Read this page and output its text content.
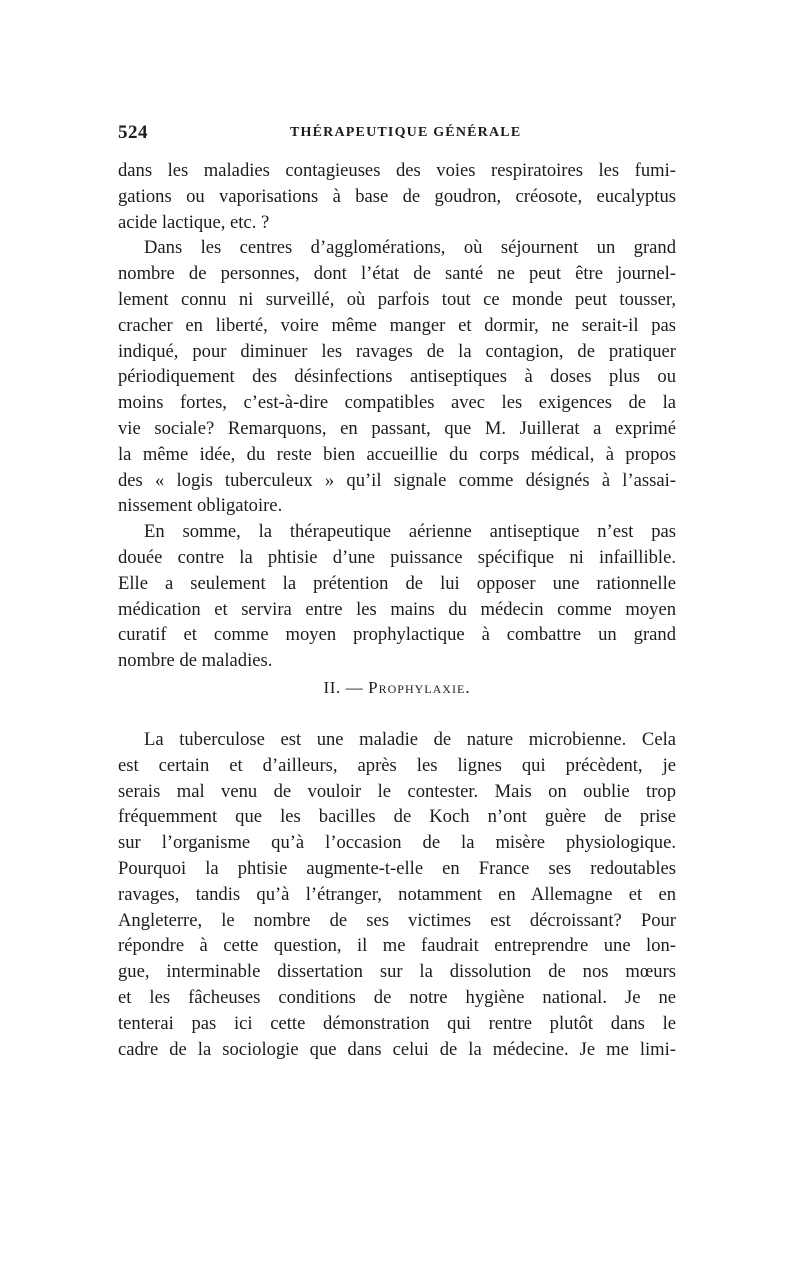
524	THÉRAPEUTIQUE GÉNÉRALE
dans les maladies contagieuses des voies respiratoires les fumi-
gations ou vaporisations à base de goudron, créosote, eucalyptus
acide lactique, etc. ?
Dans les centres d’agglomérations, où séjournent un grand
nombre de personnes, dont l’état de santé ne peut être journel-
lement connu ni surveillé, où parfois tout ce monde peut tousser,
cracher en liberté, voire même manger et dormir, ne serait-il pas
indiqué, pour diminuer les ravages de la contagion, de pratiquer
périodiquement des désinfections antiseptiques à doses plus ou
moins fortes, c’est-à-dire compatibles avec les exigences de la
vie sociale? Remarquons, en passant, que M. Juillerat a exprimé
la même idée, du reste bien accueillie du corps médical, à propos
des « logis tuberculeux » qu’il signale comme désignés à l’assai-
nissement obligatoire.
En somme, la thérapeutique aérienne antiseptique n’est pas
douée contre la phtisie d’une puissance spécifique ni infaillible.
Elle a seulement la prétention de lui opposer une rationnelle
médication et servira entre les mains du médecin comme moyen
curatif et comme moyen prophylactique à combattre un grand
nombre de maladies.
II. — Prophylaxie.
La tuberculose est une maladie de nature microbienne. Cela
est certain et d’ailleurs, après les lignes qui précèdent, je
serais mal venu de vouloir le contester. Mais on oublie trop
fréquemment que les bacilles de Koch n’ont guère de prise
sur l’organisme qu’à l’occasion de la misère physiologique.
Pourquoi la phtisie augmente-t-elle en France ses redoutables
ravages, tandis qu’à l’étranger, notamment en Allemagne et en
Angleterre, le nombre de ses victimes est décroissant? Pour
répondre à cette question, il me faudrait entreprendre une lon-
gue, interminable dissertation sur la dissolution de nos mœurs
et les fâcheuses conditions de notre hygiène national. Je ne
tenterai pas ici cette démonstration qui rentre plutôt dans le
cadre de la sociologie que dans celui de la médecine. Je me limi-
